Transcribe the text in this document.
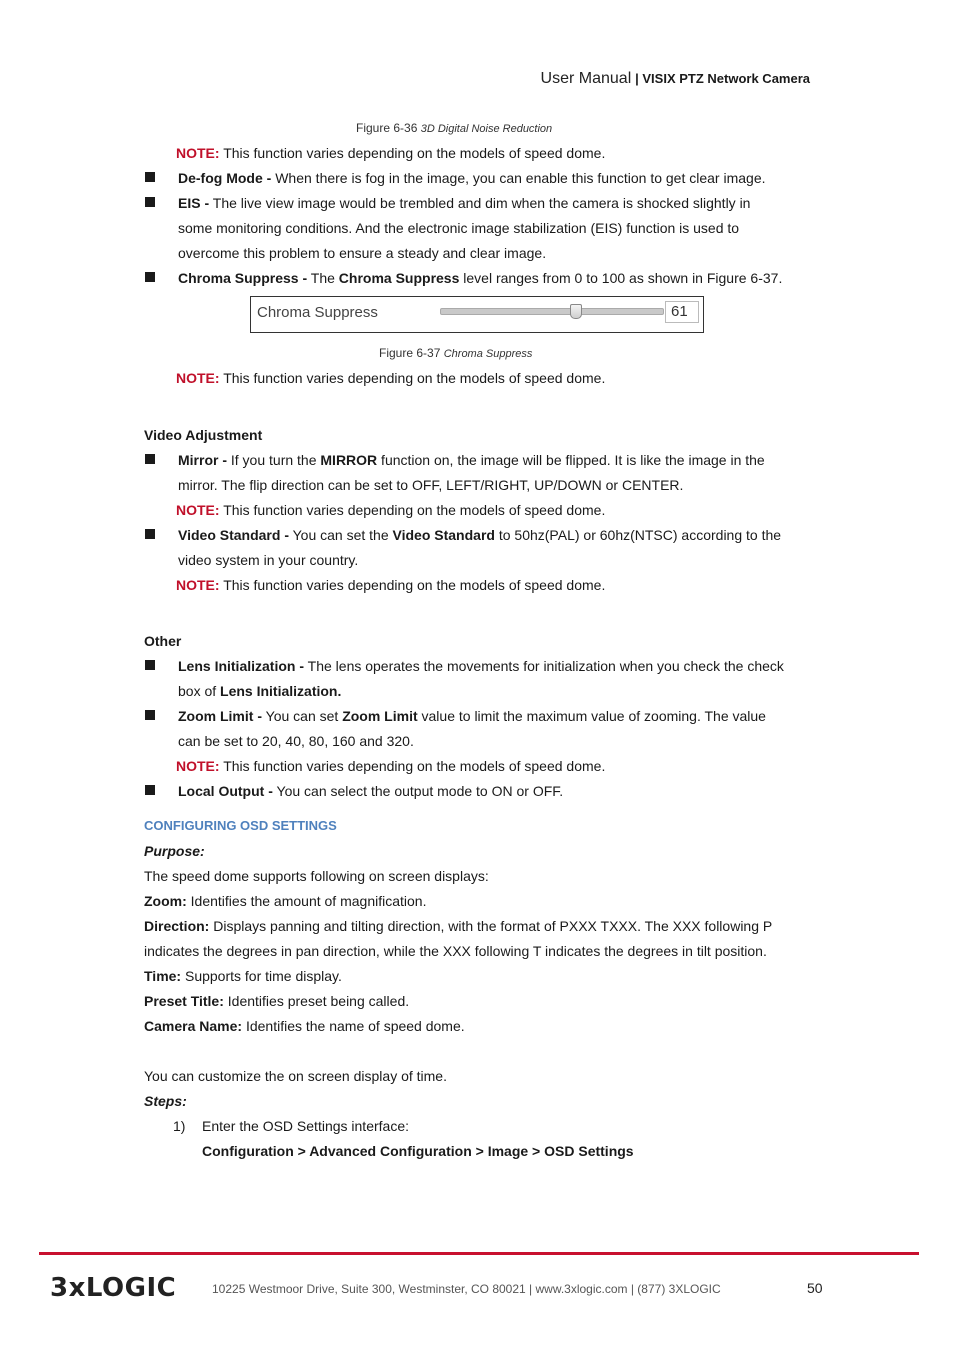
User Manual | VISIX PTZ Network Camera
Figure 6-36 3D Digital Noise Reduction
NOTE: This function varies depending on the models of speed dome.
De-fog Mode - When there is fog in the image, you can enable this function to get clear image.
EIS - The live view image would be trembled and dim when the camera is shocked slightly in
some monitoring conditions. And the electronic image stabilization (EIS) function is used to
overcome this problem to ensure a steady and clear image.
Chroma Suppress - The Chroma Suppress level ranges from 0 to 100 as shown in Figure 6-37.
Chroma Suppress	61
Figure 6-37 Chroma Suppress
NOTE: This function varies depending on the models of speed dome.
Video Adjustment
Mirror - If you turn the MIRROR function on, the image will be flipped. It is like the image in the
mirror. The flip direction can be set to OFF, LEFT/RIGHT, UP/DOWN or CENTER.
NOTE: This function varies depending on the models of speed dome.
Video Standard - You can set the Video Standard to 50hz(PAL) or 60hz(NTSC) according to the
video system in your country.
NOTE: This function varies depending on the models of speed dome.
Other
Lens Initialization - The lens operates the movements for initialization when you check the check
box of Lens Initialization.
Zoom Limit - You can set Zoom Limit value to limit the maximum value of zooming. The value
can be set to 20, 40, 80, 160 and 320.
NOTE: This function varies depending on the models of speed dome.
Local Output - You can select the output mode to ON or OFF.
CONFIGURING OSD SETTINGS
Purpose:
The speed dome supports following on screen displays:
Zoom: Identifies the amount of magnification.
Direction: Displays panning and tilting direction, with the format of PXXX TXXX. The XXX following P
indicates the degrees in pan direction, while the XXX following T indicates the degrees in tilt position.
Time: Supports for time display.
Preset Title: Identifies preset being called.
Camera Name: Identifies the name of speed dome.
You can customize the on screen display of time.
Steps:
1) Enter the OSD Settings interface:
Configuration > Advanced Configuration > Image > OSD Settings
3xLOGIC	10225 Westmoor Drive, Suite 300, Westminster, CO 80021 | www.3xlogic.com | (877) 3XLOGIC	50
